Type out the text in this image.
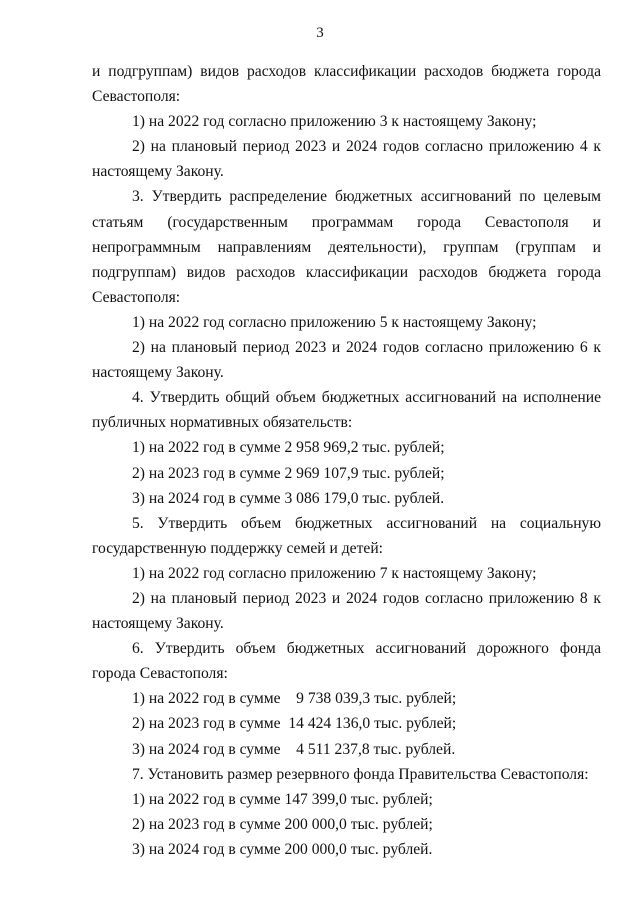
3

и подгруппам) видов расходов классификации расходов бюджета города Севастополя:

1) на 2022 год согласно приложению 3 к настоящему Закону;

2) на плановый период 2023 и 2024 годов согласно приложению 4 к настоящему Закону.

3. Утвердить распределение бюджетных ассигнований по целевым статьям (государственным программам города Севастополя и непрограммным направлениям деятельности), группам (группам и подгруппам) видов расходов классификации расходов бюджета города Севастополя:

1) на 2022 год согласно приложению 5 к настоящему Закону;

2) на плановый период 2023 и 2024 годов согласно приложению 6 к настоящему Закону.

4. Утвердить общий объем бюджетных ассигнований на исполнение публичных нормативных обязательств:

1) на 2022 год в сумме 2 958 969,2 тыс. рублей;

2) на 2023 год в сумме 2 969 107,9 тыс. рублей;

3) на 2024 год в сумме 3 086 179,0 тыс. рублей.

5. Утвердить объем бюджетных ассигнований на социальную государственную поддержку семей и детей:

1) на 2022 год согласно приложению 7 к настоящему Закону;

2) на плановый период 2023 и 2024 годов согласно приложению 8 к настоящему Закону.

6. Утвердить объем бюджетных ассигнований дорожного фонда города Севастополя:

1) на 2022 год в сумме    9 738 039,3 тыс. рублей;

2) на 2023 год в сумме  14 424 136,0 тыс. рублей;

3) на 2024 год в сумме    4 511 237,8 тыс. рублей.

7. Установить размер резервного фонда Правительства Севастополя:

1) на 2022 год в сумме 147 399,0 тыс. рублей;

2) на 2023 год в сумме 200 000,0 тыс. рублей;

3) на 2024 год в сумме 200 000,0 тыс. рублей.
